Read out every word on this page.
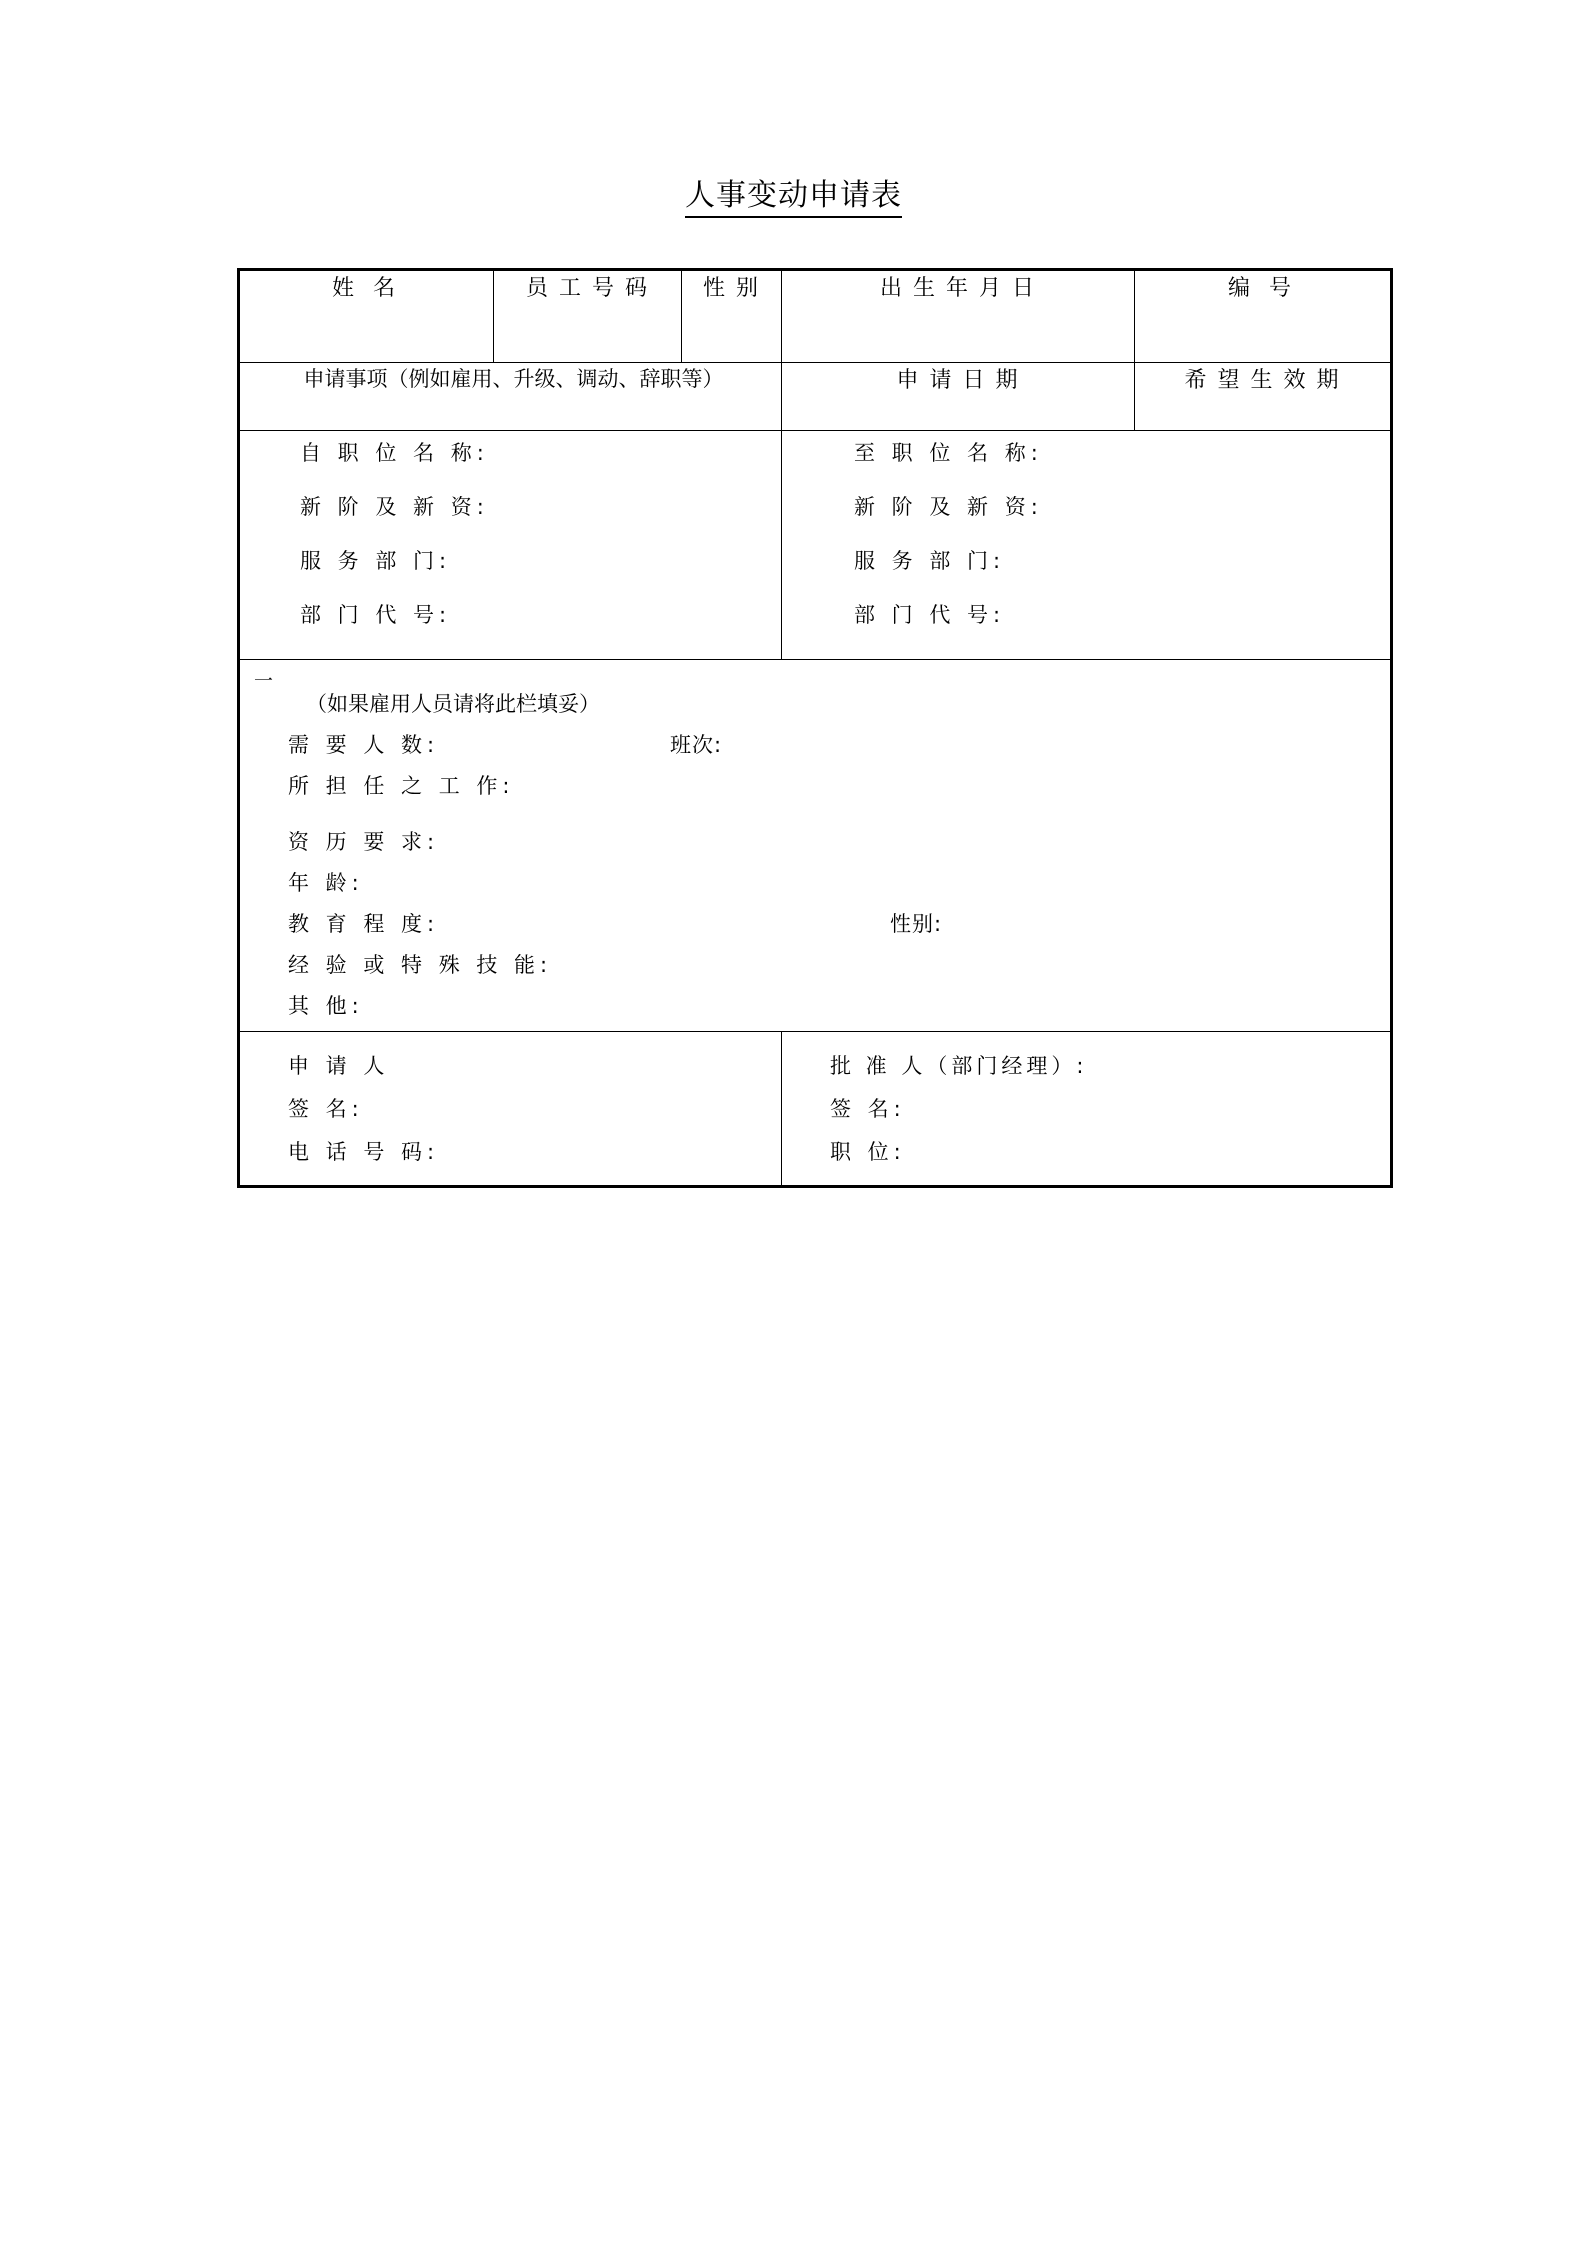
人事变动申请表
姓 名	员 工 号 码	性 别	出 生 年 月 日	编 号
申请事项（例如雇用、升级、调动、辞职等）			申 请 日 期	希 望 生 效 期

自 职 位 名 称:
新 阶 及 新 资:
服 务 部 门:
部 门 代 号:

至 职 位 名 称:
新 阶 及 新 资:
服 务 部 门:
部 门 代 号:

一
（如果雇用人员请将此栏填妥）
需 要 人 数:	班次:
所 担 任 之 工 作:
资 历 要 求:
年 龄:
教 育 程 度:	性别:
经 验 或 特 殊 技 能:
其 他:

申 请 人
签 名:
电 话 号 码:

批 准 人（部门经理）:
签 名:
职 位:
